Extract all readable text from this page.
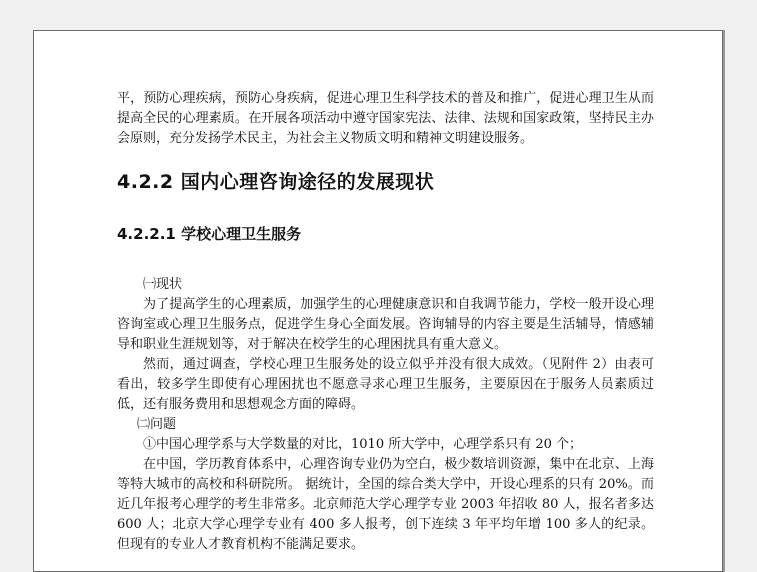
平，预防心理疾病，预防心身疾病，促进心理卫生科学技术的普及和推广，促进心理卫生从而提高全民的心理素质。在开展各项活动中遵守国家宪法、法律、法规和国家政策，坚持民主办会原则，充分发扬学术民主，为社会主义物质文明和精神文明建设服务。

4.2.2 国内心理咨询途径的发展现状
4.2.2.1 学校心理卫生服务

㈠现状

为了提高学生的心理素质，加强学生的心理健康意识和自我调节能力，学校一般开设心理咨询室或心理卫生服务点，促进学生身心全面发展。咨询辅导的内容主要是生活辅导，情感辅导和职业生涯规划等，对于解决在校学生的心理困扰具有重大意义。

然而，通过调查，学校心理卫生服务处的设立似乎并没有很大成效。（见附件 2）由表可看出，较多学生即使有心理困扰也不愿意寻求心理卫生服务，主要原因在于服务人员素质过低，还有服务费用和思想观念方面的障碍。

㈡问题

①中国心理学系与大学数量的对比，1010 所大学中，心理学系只有 20 个；

在中国，学历教育体系中，心理咨询专业仍为空白，极少数培训资源，集中在北京、上海等特大城市的高校和科研院所。 据统计，全国的综合类大学中，开设心理系的只有 20%。而近几年报考心理学的考生非常多。北京师范大学心理学专业 2003 年招收 80 人，报名者多达 600 人；北京大学心理学专业有 400 多人报考，创下连续 3 年平均年增 100 多人的纪录。但现有的专业人才教育机构不能满足要求。
